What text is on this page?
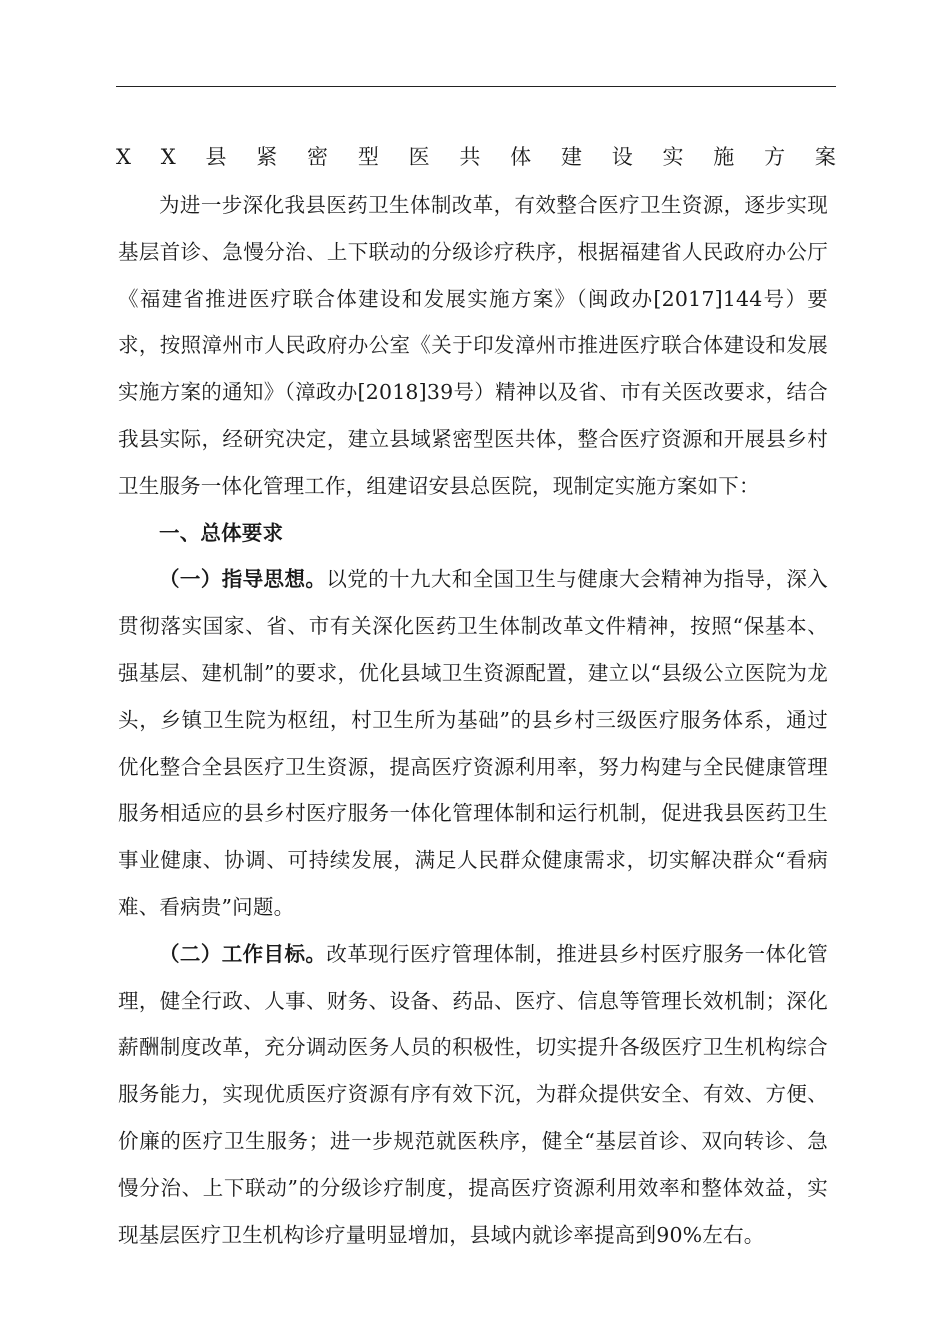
X X 县 紧 密 型 医 共 体 建 设 实 施 方 案

为进一步深化我县医药卫生体制改革，有效整合医疗卫生资源，逐步实现基层首诊、急慢分治、上下联动的分级诊疗秩序，根据福建省人民政府办公厅《福建省推进医疗联合体建设和发展实施方案》（闽政办[2017]144号）要求，按照漳州市人民政府办公室《关于印发漳州市推进医疗联合体建设和发展实施方案的通知》（漳政办[2018]39号）精神以及省、市有关医改要求，结合我县实际，经研究决定，建立县域紧密型医共体，整合医疗资源和开展县乡村卫生服务一体化管理工作，组建诏安县总医院，现制定实施方案如下：

一、总体要求

（一）指导思想。以党的十九大和全国卫生与健康大会精神为指导，深入贯彻落实国家、省、市有关深化医药卫生体制改革文件精神，按照“保基本、强基层、建机制”的要求，优化县域卫生资源配置，建立以“县级公立医院为龙头，乡镇卫生院为枢纽，村卫生所为基础”的县乡村三级医疗服务体系，通过优化整合全县医疗卫生资源，提高医疗资源利用率，努力构建与全民健康管理服务相适应的县乡村医疗服务一体化管理体制和运行机制，促进我县医药卫生事业健康、协调、可持续发展，满足人民群众健康需求，切实解决群众“看病难、看病贵”问题。

（二）工作目标。改革现行医疗管理体制，推进县乡村医疗服务一体化管理，健全行政、人事、财务、设备、药品、医疗、信息等管理长效机制；深化薪酬制度改革，充分调动医务人员的积极性，切实提升各级医疗卫生机构综合服务能力，实现优质医疗资源有序有效下沉，为群众提供安全、有效、方便、价廉的医疗卫生服务；进一步规范就医秩序，健全“基层首诊、双向转诊、急慢分治、上下联动”的分级诊疗制度，提高医疗资源利用效率和整体效益，实现基层医疗卫生机构诊疗量明显增加，县域内就诊率提高到90%左右。
